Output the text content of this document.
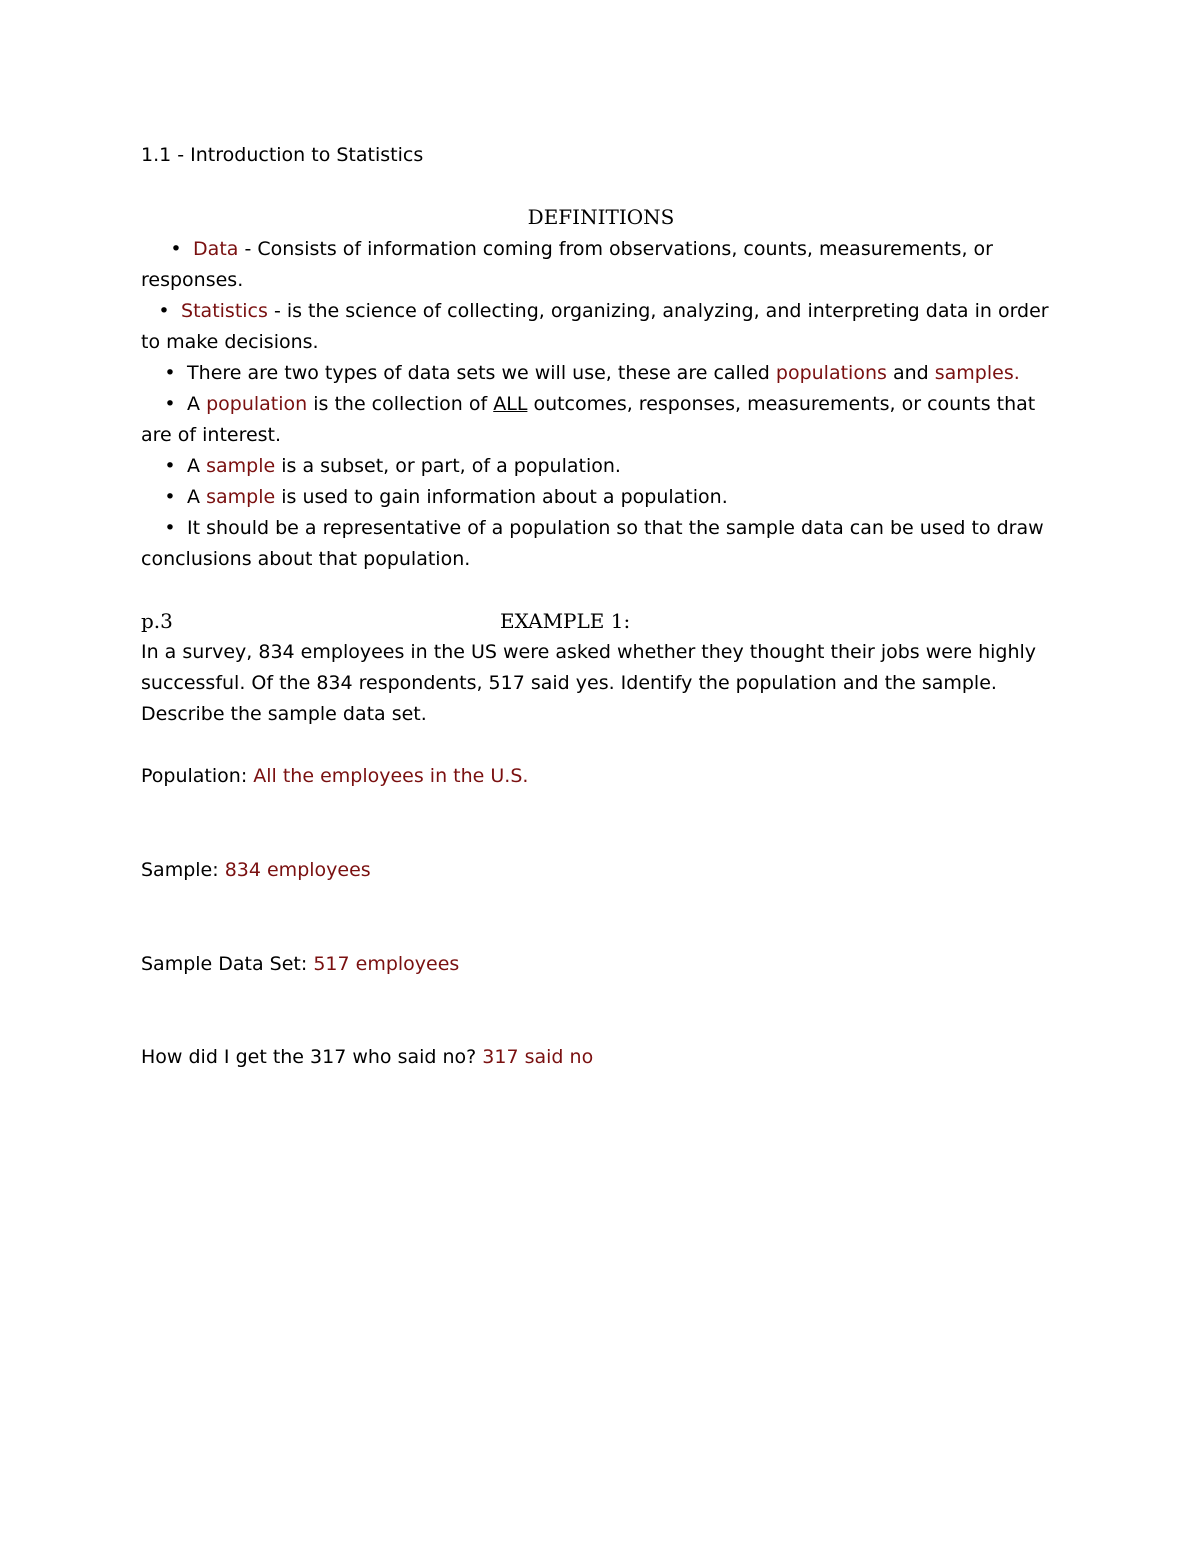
1.1 - Introduction to Statistics
DEFINITIONS
• Data - Consists of information coming from observations, counts, measurements, or
responses.
• Statistics - is the science of collecting, organizing, analyzing, and interpreting data in order
to make decisions.
• There are two types of data sets we will use, these are called populations and samples.
• A population is the collection of ALL outcomes, responses, measurements, or counts that
are of interest.
• A sample is a subset, or part, of a population.
• A sample is used to gain information about a population.
• It should be a representative of a population so that the sample data can be used to draw
conclusions about that population.
p.3	EXAMPLE 1:
In a survey, 834 employees in the US were asked whether they thought their jobs were highly
successful. Of the 834 respondents, 517 said yes. Identify the population and the sample.
Describe the sample data set.
Population: All the employees in the U.S.
Sample: 834 employees
Sample Data Set: 517 employees
How did I get the 317 who said no? 317 said no
